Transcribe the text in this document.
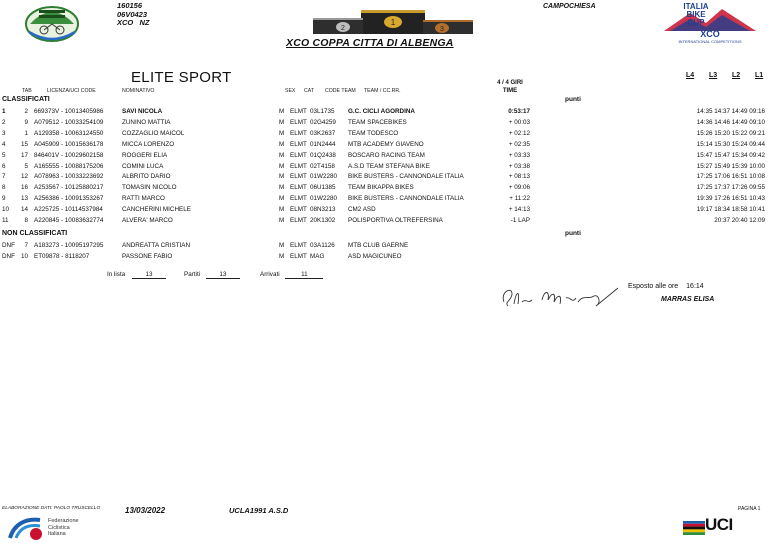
160156
06V0423
XCO   NZ
2
1
3
XCO COPPA CITTA DI ALBENGA
CAMPOCHIESA	ITALIA
BIKE
CUP
XCO
INTERNATIONAL COMPETITIONS
ELITE SPORT	4 / 4 GIRI
TIME
L4 L3 L2 L1
TAB	LICENZA/UCI CODE	NOMINATIVO	SEX CAT CODE TEAM TEAM / CC.RR.
CLASSIFICATI	punti
1	2 669373V - 10013405986	SAVI NICOLA	M ELMT 03L1735 G.C. CICLI AGORDINA	0:53:17	14:35 14:37 14:49 09:16
2	9 A079512 - 10033254109	ZUNINO MATTIA	M ELMT 02G4259 TEAM SPACEBIKES	+ 00:03	14:36 14:46 14:49 09:10
3	1 A129358 - 10063124550	COZZAGLIO MAICOL	M ELMT 03K2637 TEAM TODESCO	+ 02:12	15:26 15:20 15:22 09:21
4	15 A045909 - 10015636178	MICCA LORENZO	M ELMT 01N2444 MTB ACADEMY GIAVENO	+ 02:35	15:14 15:30 15:24 09:44
5	17 846401V - 10029602158	ROGGERI ELIA	M ELMT 01Q2438 BOSCARO RACING TEAM	+ 03:33	15:47 15:47 15:34 09:42
6	5 A165555 - 10088175206	COMINI LUCA	M ELMT 02T4158 A.S.D TEAM STEFANA BIKE	+ 03:38	15:27 15:49 15:39 10:00
7	12 A078963 - 10033223692	ALBRITO DARIO	M ELMT 01W2280 BIKE BUSTERS - CANNONDALE ITALIA	+ 08:13	17:25 17:06 16:51 10:08
8	16 A253567 - 10125880217	TOMASIN NICOLO	M ELMT 06U1385 TEAM BIKAPPA BIKES	+ 09:06	17:25 17:37 17:26 09:55
9	13 A256386 - 10091353267	RATTI MARCO	M ELMT 01W2280 BIKE BUSTERS - CANNONDALE ITALIA	+ 11:22	19:39 17:26 16:51 10:43
10	14 A225725 - 10114537984	CANCHERINI MICHELE	M ELMT 08N3213 CM2 ASD	+ 14:13	19:17 18:34 18:58 10:41
11	8 A220845 - 10083632774	ALVERA' MARCO	M ELMT 20K1302 POLISPORTIVA OLTREFERSINA	-1 LAP	20:37 20:40 12:09
NON CLASSIFICATI	punti
DNF	7 A183273 - 10095197295	ANDREATTA CRISTIAN	M ELMT 03A1126 MTB CLUB GAERNE
DNF 10 ET09878 - 8118207	PASSONE FABIO	M ELMT MAG	ASD MAGICUNEO
In lista	13	Partiti	13	Arrivati	11
Esposto alle ore 16:14
MARRAS ELISA
ELABORAZIONE DATI: PAOLO TRUSCELLO	13/03/2022	UCLA1991 A.S.D	PAGINA 1
Federazione
Ciclistica
Italiana	UCI
